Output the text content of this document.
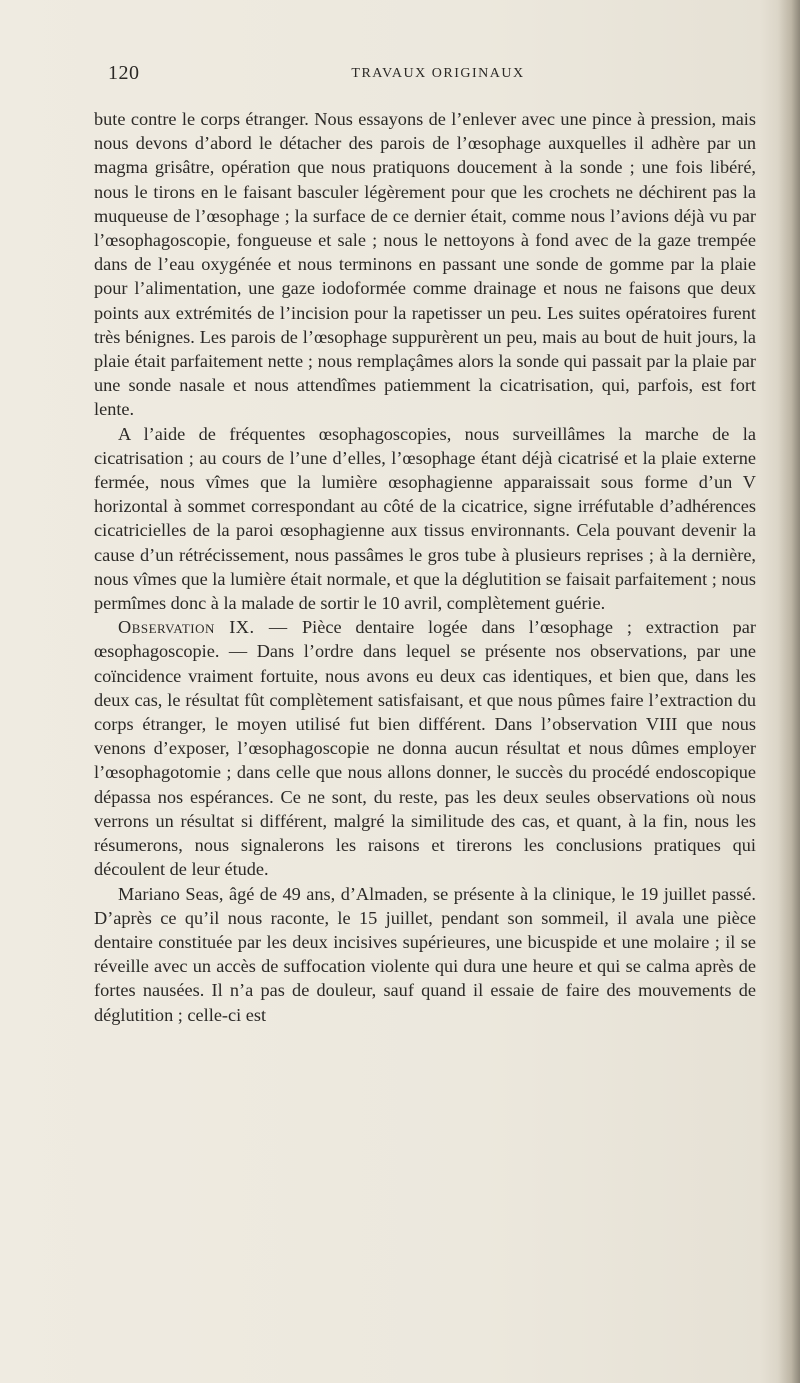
120	TRAVAUX ORIGINAUX

bute contre le corps étranger. Nous essayons de l’enlever avec une pince à pression, mais nous devons d’abord le détacher des parois de l’œsophage auxquelles il adhère par un magma grisâtre, opération que nous pratiquons doucement à la sonde ; une fois libéré, nous le tirons en le faisant basculer légèrement pour que les crochets ne déchirent pas la muqueuse de l’œsophage ; la surface de ce dernier était, comme nous l’avions déjà vu par l’œsophagoscopie, fongueuse et sale ; nous le nettoyons à fond avec de la gaze trempée dans de l’eau oxygénée et nous terminons en passant une sonde de gomme par la plaie pour l’alimentation, une gaze iodoformée comme drainage et nous ne faisons que deux points aux extrémités de l’incision pour la rapetisser un peu. Les suites opératoires furent très bénignes. Les parois de l’œsophage suppurèrent un peu, mais au bout de huit jours, la plaie était parfaitement nette ; nous remplaçâmes alors la sonde qui passait par la plaie par une sonde nasale et nous attendîmes patiemment la cicatrisation, qui, parfois, est fort lente.

A l’aide de fréquentes œsophagoscopies, nous surveillâmes la marche de la cicatrisation ; au cours de l’une d’elles, l’œsophage étant déjà cicatrisé et la plaie externe fermée, nous vîmes que la lumière œsophagienne apparaissait sous forme d’un V horizontal à sommet correspondant au côté de la cicatrice, signe irréfutable d’adhérences cicatricielles de la paroi œsophagienne aux tissus environnants. Cela pouvant devenir la cause d’un rétrécissement, nous passâmes le gros tube à plusieurs reprises ; à la dernière, nous vîmes que la lumière était normale, et que la déglutition se faisait parfaitement ; nous permîmes donc à la malade de sortir le 10 avril, complètement guérie.

Observation IX. — Pièce dentaire logée dans l’œsophage ; extraction par œsophagoscopie. — Dans l’ordre dans lequel se présente nos observations, par une coïncidence vraiment fortuite, nous avons eu deux cas identiques, et bien que, dans les deux cas, le résultat fût complètement satisfaisant, et que nous pûmes faire l’extraction du corps étranger, le moyen utilisé fut bien différent. Dans l’observation VIII que nous venons d’exposer, l’œsophagoscopie ne donna aucun résultat et nous dûmes employer l’œsophagotomie ; dans celle que nous allons donner, le succès du procédé endoscopique dépassa nos espérances. Ce ne sont, du reste, pas les deux seules observations où nous verrons un résultat si différent, malgré la similitude des cas, et quant, à la fin, nous les résumerons, nous signalerons les raisons et tirerons les conclusions pratiques qui découlent de leur étude.

Mariano Seas, âgé de 49 ans, d’Almaden, se présente à la clinique, le 19 juillet passé. D’après ce qu’il nous raconte, le 15 juillet, pendant son sommeil, il avala une pièce dentaire constituée par les deux incisives supérieures, une bicuspide et une molaire ; il se réveille avec un accès de suffocation violente qui dura une heure et qui se calma après de fortes nausées. Il n’a pas de douleur, sauf quand il essaie de faire des mouvements de déglutition ; celle-ci est
